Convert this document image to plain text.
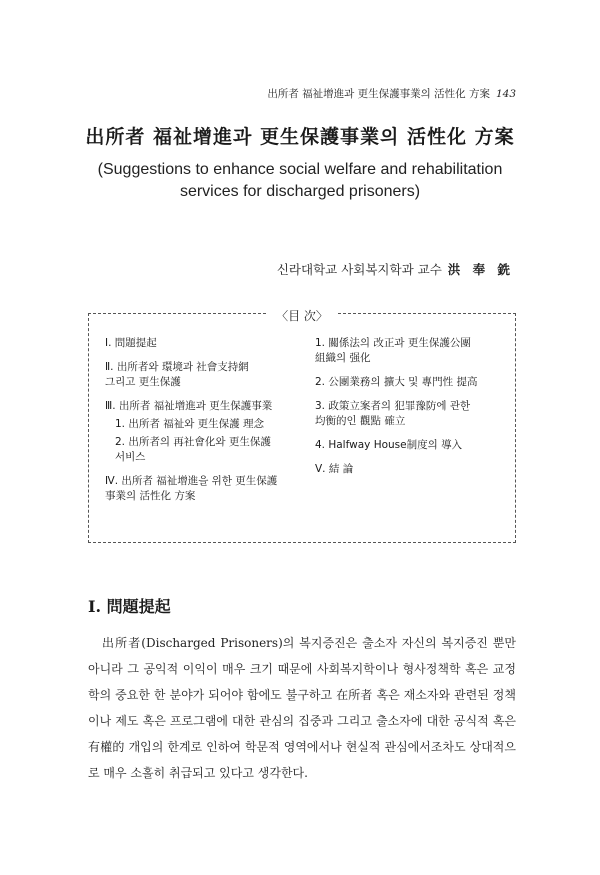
出所者 福祉增進과 更生保護事業의 活性化 方案 143
出所者 福祉增進과 更生保護事業의 活性化 方案
(Suggestions to enhance social welfare and rehabilitation
services for discharged prisoners)
신라대학교 사회복지학과 교수 洪 奉 銑
〈目 次〉
Ⅰ. 問題提起
Ⅱ. 出所者와 環境과 社會支持網
그리고 更生保護
Ⅲ. 出所者 福祉增進과 更生保護事業
1. 出所者 福祉와 更生保護 理念
2. 出所者의 再社會化와 更生保護
서비스
Ⅳ. 出所者 福祉增進을 위한 更生保護
事業의 活性化 方案
1. 關係法의 改正과 更生保護公團
組織의 强化
2. 公團業務의 擴大 및 專門性 提高
3. 政策立案者의 犯罪豫防에 관한
均衡的인 觀點 確立
4. Halfway House制度의 導入
Ⅴ. 結 論
Ⅰ. 問題提起

出所者(Discharged Prisoners)의 복지증진은 출소자 자신의 복지증진 뿐만 아니라 그 공익적 이익이 매우 크기 때문에 사회복지학이나 형사정책학 혹은 교정학의 중요한 한 분야가 되어야 함에도 불구하고 在所者 혹은 재소자와 관련된 정책이나 제도 혹은 프로그램에 대한 관심의 집중과 그리고 출소자에 대한 공식적 혹은 有權的 개입의 한계로 인하여 학문적 영역에서나 현실적 관심에서조차도 상대적으로 매우 소홀히 취급되고 있다고 생각한다.
